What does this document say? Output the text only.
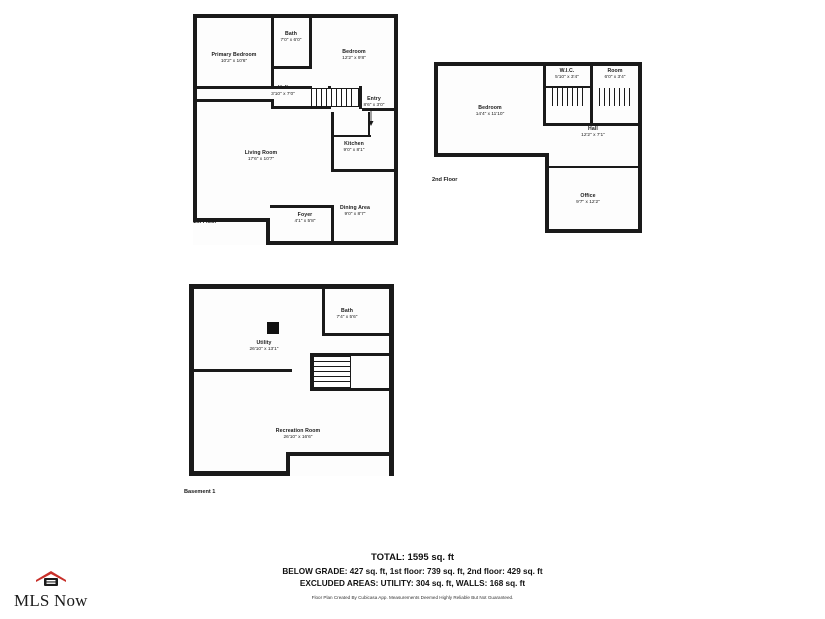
1st Floor
Primary Bedroom
10'2" x 10'6"
Bath
7'0" x 6'0"
Bedroom
12'2" x 9'8"
Hall
3'10" x 7'0"
Entry
8'6" x 3'0"
Living Room
17'6" x 10'7"
Kitchen
9'0" x 8'1"
Dining Area
9'0" x 8'7"
Foyer
4'1" x 5'8"
2nd Floor
Bedroom
14'4" x 11'10"
W.I.C.
5'10" x 3'4"
Room
6'0" x 3'4"
Hall
12'2" x 7'1"
Office
9'7" x 12'2"
Basement 1
Utility
26'10" x 13'1"
Bath
7'4" x 5'6"
Recreation Room
26'10" x 16'6"
TOTAL: 1595 sq. ft
BELOW GRADE: 427 sq. ft, 1st floor: 739 sq. ft, 2nd floor: 429 sq. ft
EXCLUDED AREAS: UTILITY: 304 sq. ft, WALLS: 168 sq. ft
Floor Plan Created By Cubicasa App. Measurements Deemed Highly Reliable But Not Guaranteed.
MLS Now
